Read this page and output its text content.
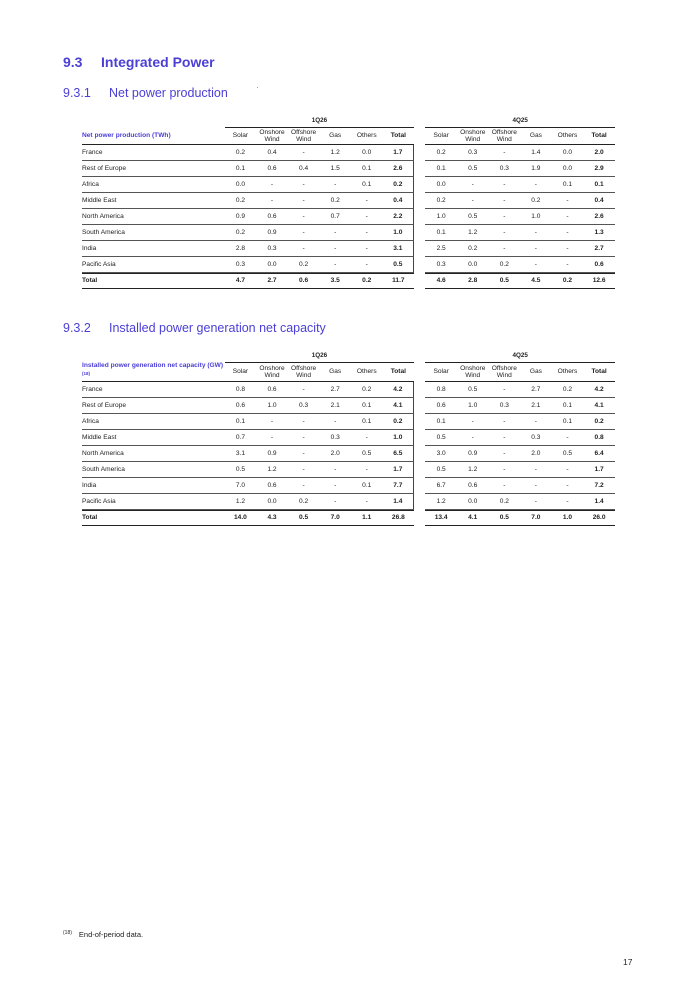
9.3 Integrated Power
9.3.1 Net power production
	1Q26							4Q25					
Net power production (TWh)	Solar	Onshore
Wind	Offshore
Wind	Gas	Others	Total		Solar	Onshore
Wind	Offshore
Wind	Gas	Others	Total
France	0.2	0.4	-	1.2	0.0	1.7		0.2	0.3	-	1.4	0.0	2.0
Rest of Europe	0.1	0.6	0.4	1.5	0.1	2.6		0.1	0.5	0.3	1.9	0.0	2.9
Africa	0.0	-	-	-	0.1	0.2		0.0	-	-	-	0.1	0.1
Middle East	0.2	-	-	0.2	-	0.4		0.2	-	-	0.2	-	0.4
North America	0.9	0.6	-	0.7	-	2.2		1.0	0.5	-	1.0	-	2.6
South America	0.2	0.9	-	-	-	1.0		0.1	1.2	-	-	-	1.3
India	2.8	0.3	-	-	-	3.1		2.5	0.2	-	-	-	2.7
Pacific Asia	0.3	0.0	0.2	-	-	0.5		0.3	0.0	0.2	-	-	0.6
Total	4.7	2.7	0.6	3.5	0.2	11.7		4.6	2.8	0.5	4.5	0.2	12.6
9.3.2 Installed power generation net capacity
	1Q26							4Q25					
Installed power generation net capacity (GW) $^{(18)}$	Solar	Onshore
Wind	Offshore
Wind	Gas	Others	Total		Solar	Onshore
Wind	Offshore
Wind	Gas	Others	Total
France	0.8	0.6	-	2.7	0.2	4.2		0.8	0.5	-	2.7	0.2	4.2
Rest of Europe	0.6	1.0	0.3	2.1	0.1	4.1		0.6	1.0	0.3	2.1	0.1	4.1
Africa	0.1	-	-	-	0.1	0.2		0.1	-	-	-	0.1	0.2
Middle East	0.7	-	-	0.3	-	1.0		0.5	-	-	0.3	-	0.8
North America	3.1	0.9	-	2.0	0.5	6.5		3.0	0.9	-	2.0	0.5	6.4
South America	0.5	1.2	-	-	-	1.7		0.5	1.2	-	-	-	1.7
India	7.0	0.6	-	-	0.1	7.7		6.7	0.6	-	-	-	7.2
Pacific Asia	1.2	0.0	0.2	-	-	1.4		1.2	0.0	0.2	-	-	1.4
Total	14.0	4.3	0.5	7.0	1.1	26.8		13.4	4.1	0.5	7.0	1.0	26.0
$^{(18)}$ End-of-period data.
17
